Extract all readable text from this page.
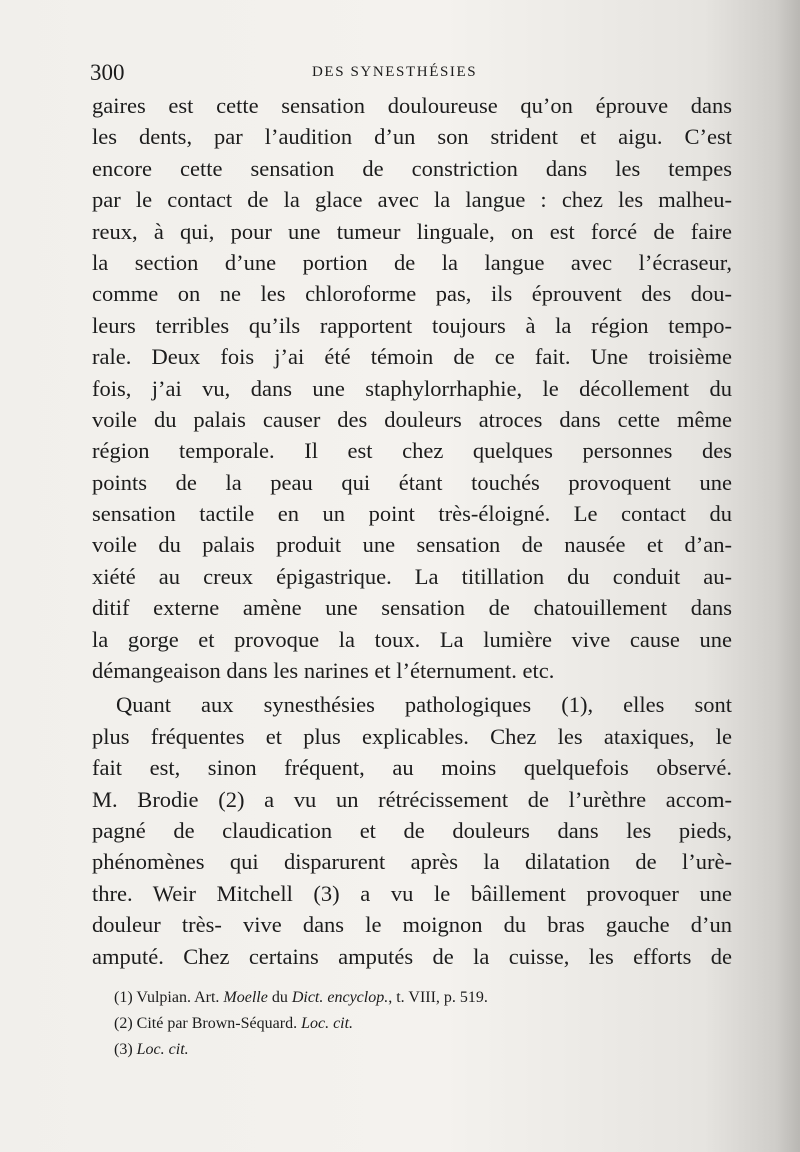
300	DES SYNESTHÉSIES
gaires est cette sensation douloureuse qu’on éprouve dans
les dents, par l’audition d’un son strident et aigu. C’est
encore cette sensation de constriction dans les tempes
par le contact de la glace avec la langue : chez les malheu-
reux, à qui, pour une tumeur linguale, on est forcé de faire
la section d’une portion de la langue avec l’écraseur,
comme on ne les chloroforme pas, ils éprouvent des dou-
leurs terribles qu’ils rapportent toujours à la région tempo-
rale. Deux fois j’ai été témoin de ce fait. Une troisième
fois, j’ai vu, dans une staphylorrhaphie, le décollement du
voile du palais causer des douleurs atroces dans cette même
région temporale. Il est chez quelques personnes des
points de la peau qui étant touchés provoquent une
sensation tactile en un point très-éloigné. Le contact du
voile du palais produit une sensation de nausée et d’an-
xiété au creux épigastrique. La titillation du conduit au-
ditif externe amène une sensation de chatouillement dans
la gorge et provoque la toux. La lumière vive cause une
démangeaison dans les narines et l’éternument. etc.
Quant aux synesthésies pathologiques (1), elles sont
plus fréquentes et plus explicables. Chez les ataxiques, le
fait est, sinon fréquent, au moins quelquefois observé.
M. Brodie (2) a vu un rétrécissement de l’urèthre accom-
pagné de claudication et de douleurs dans les pieds,
phénomènes qui disparurent après la dilatation de l’urè-
thre. Weir Mitchell (3) a vu le bâillement provoquer une
douleur très- vive dans le moignon du bras gauche d’un
amputé. Chez certains amputés de la cuisse, les efforts de
(1) Vulpian. Art. Moelle du Dict. encyclop., t. VIII, p. 519.
(2) Cité par Brown-Séquard. Loc. cit.
(3) Loc. cit.
